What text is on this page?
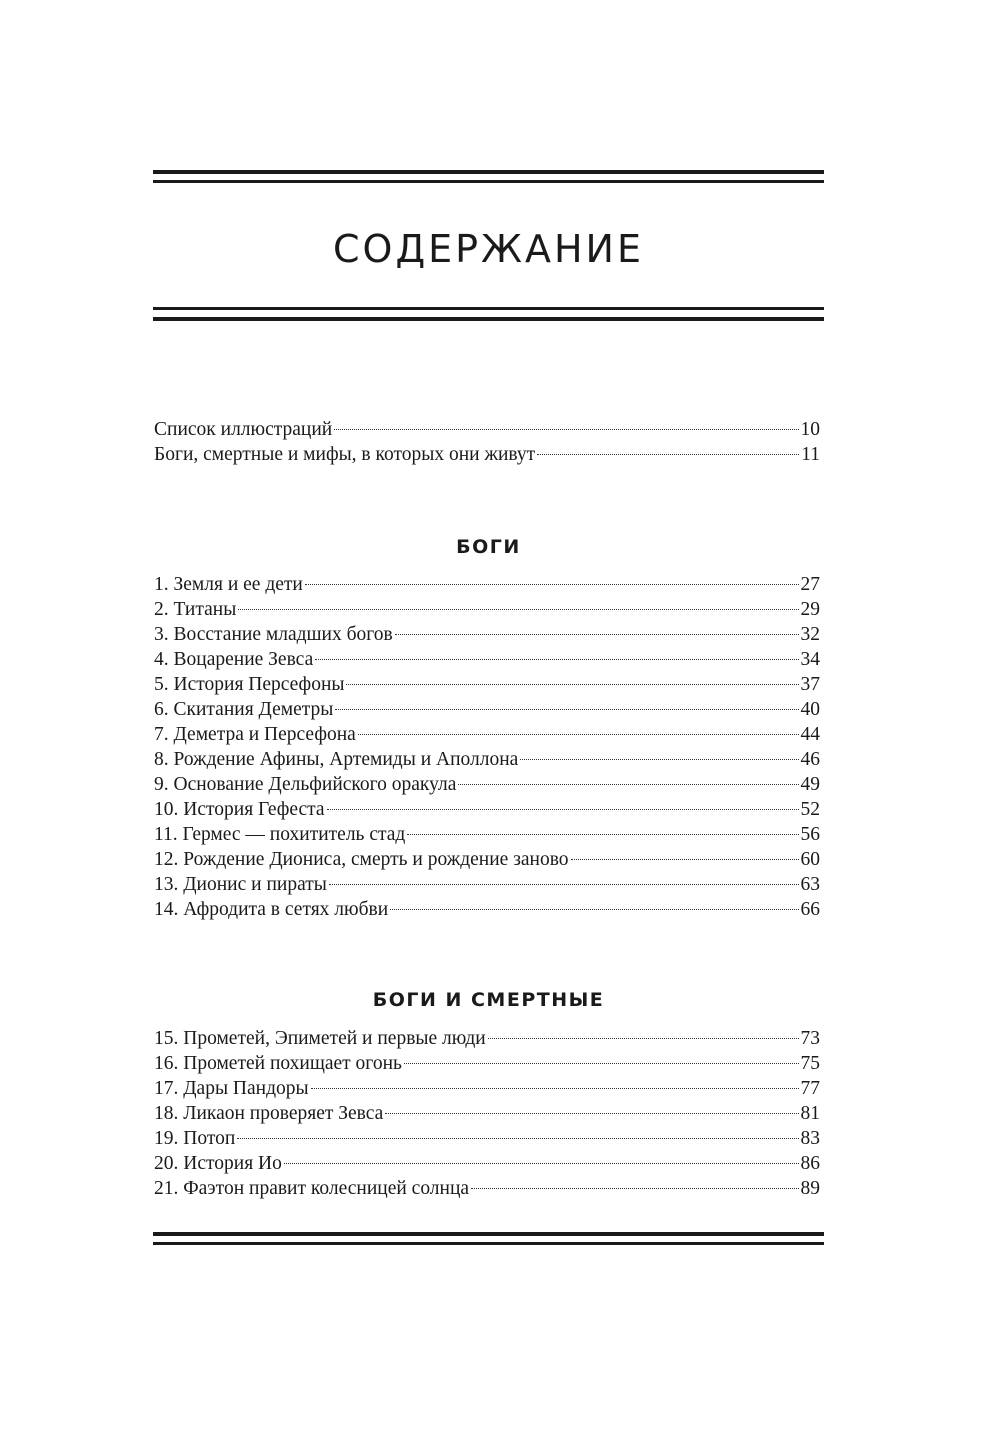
СОДЕРЖАНИЕ
Список иллюстраций	10
Боги, смертные и мифы, в которых они живут	11
БОГИ
1. Земля и ее дети	27
2. Титаны	29
3. Восстание младших богов	32
4. Воцарение Зевса	34
5. История Персефоны	37
6. Скитания Деметры	40
7. Деметра и Персефона	44
8. Рождение Афины, Артемиды и Аполлона	46
9. Основание Дельфийского оракула	49
10. История Гефеста	52
11. Гермес — похититель стад	56
12. Рождение Диониса, смерть и рождение заново	60
13. Дионис и пираты	63
14. Афродита в сетях любви	66
БОГИ И СМЕРТНЫЕ
15. Прометей, Эпиметей и первые люди	73
16. Прометей похищает огонь	75
17. Дары Пандоры	77
18. Ликаон проверяет Зевса	81
19. Потоп	83
20. История Ио	86
21. Фаэтон правит колесницей солнца	89
